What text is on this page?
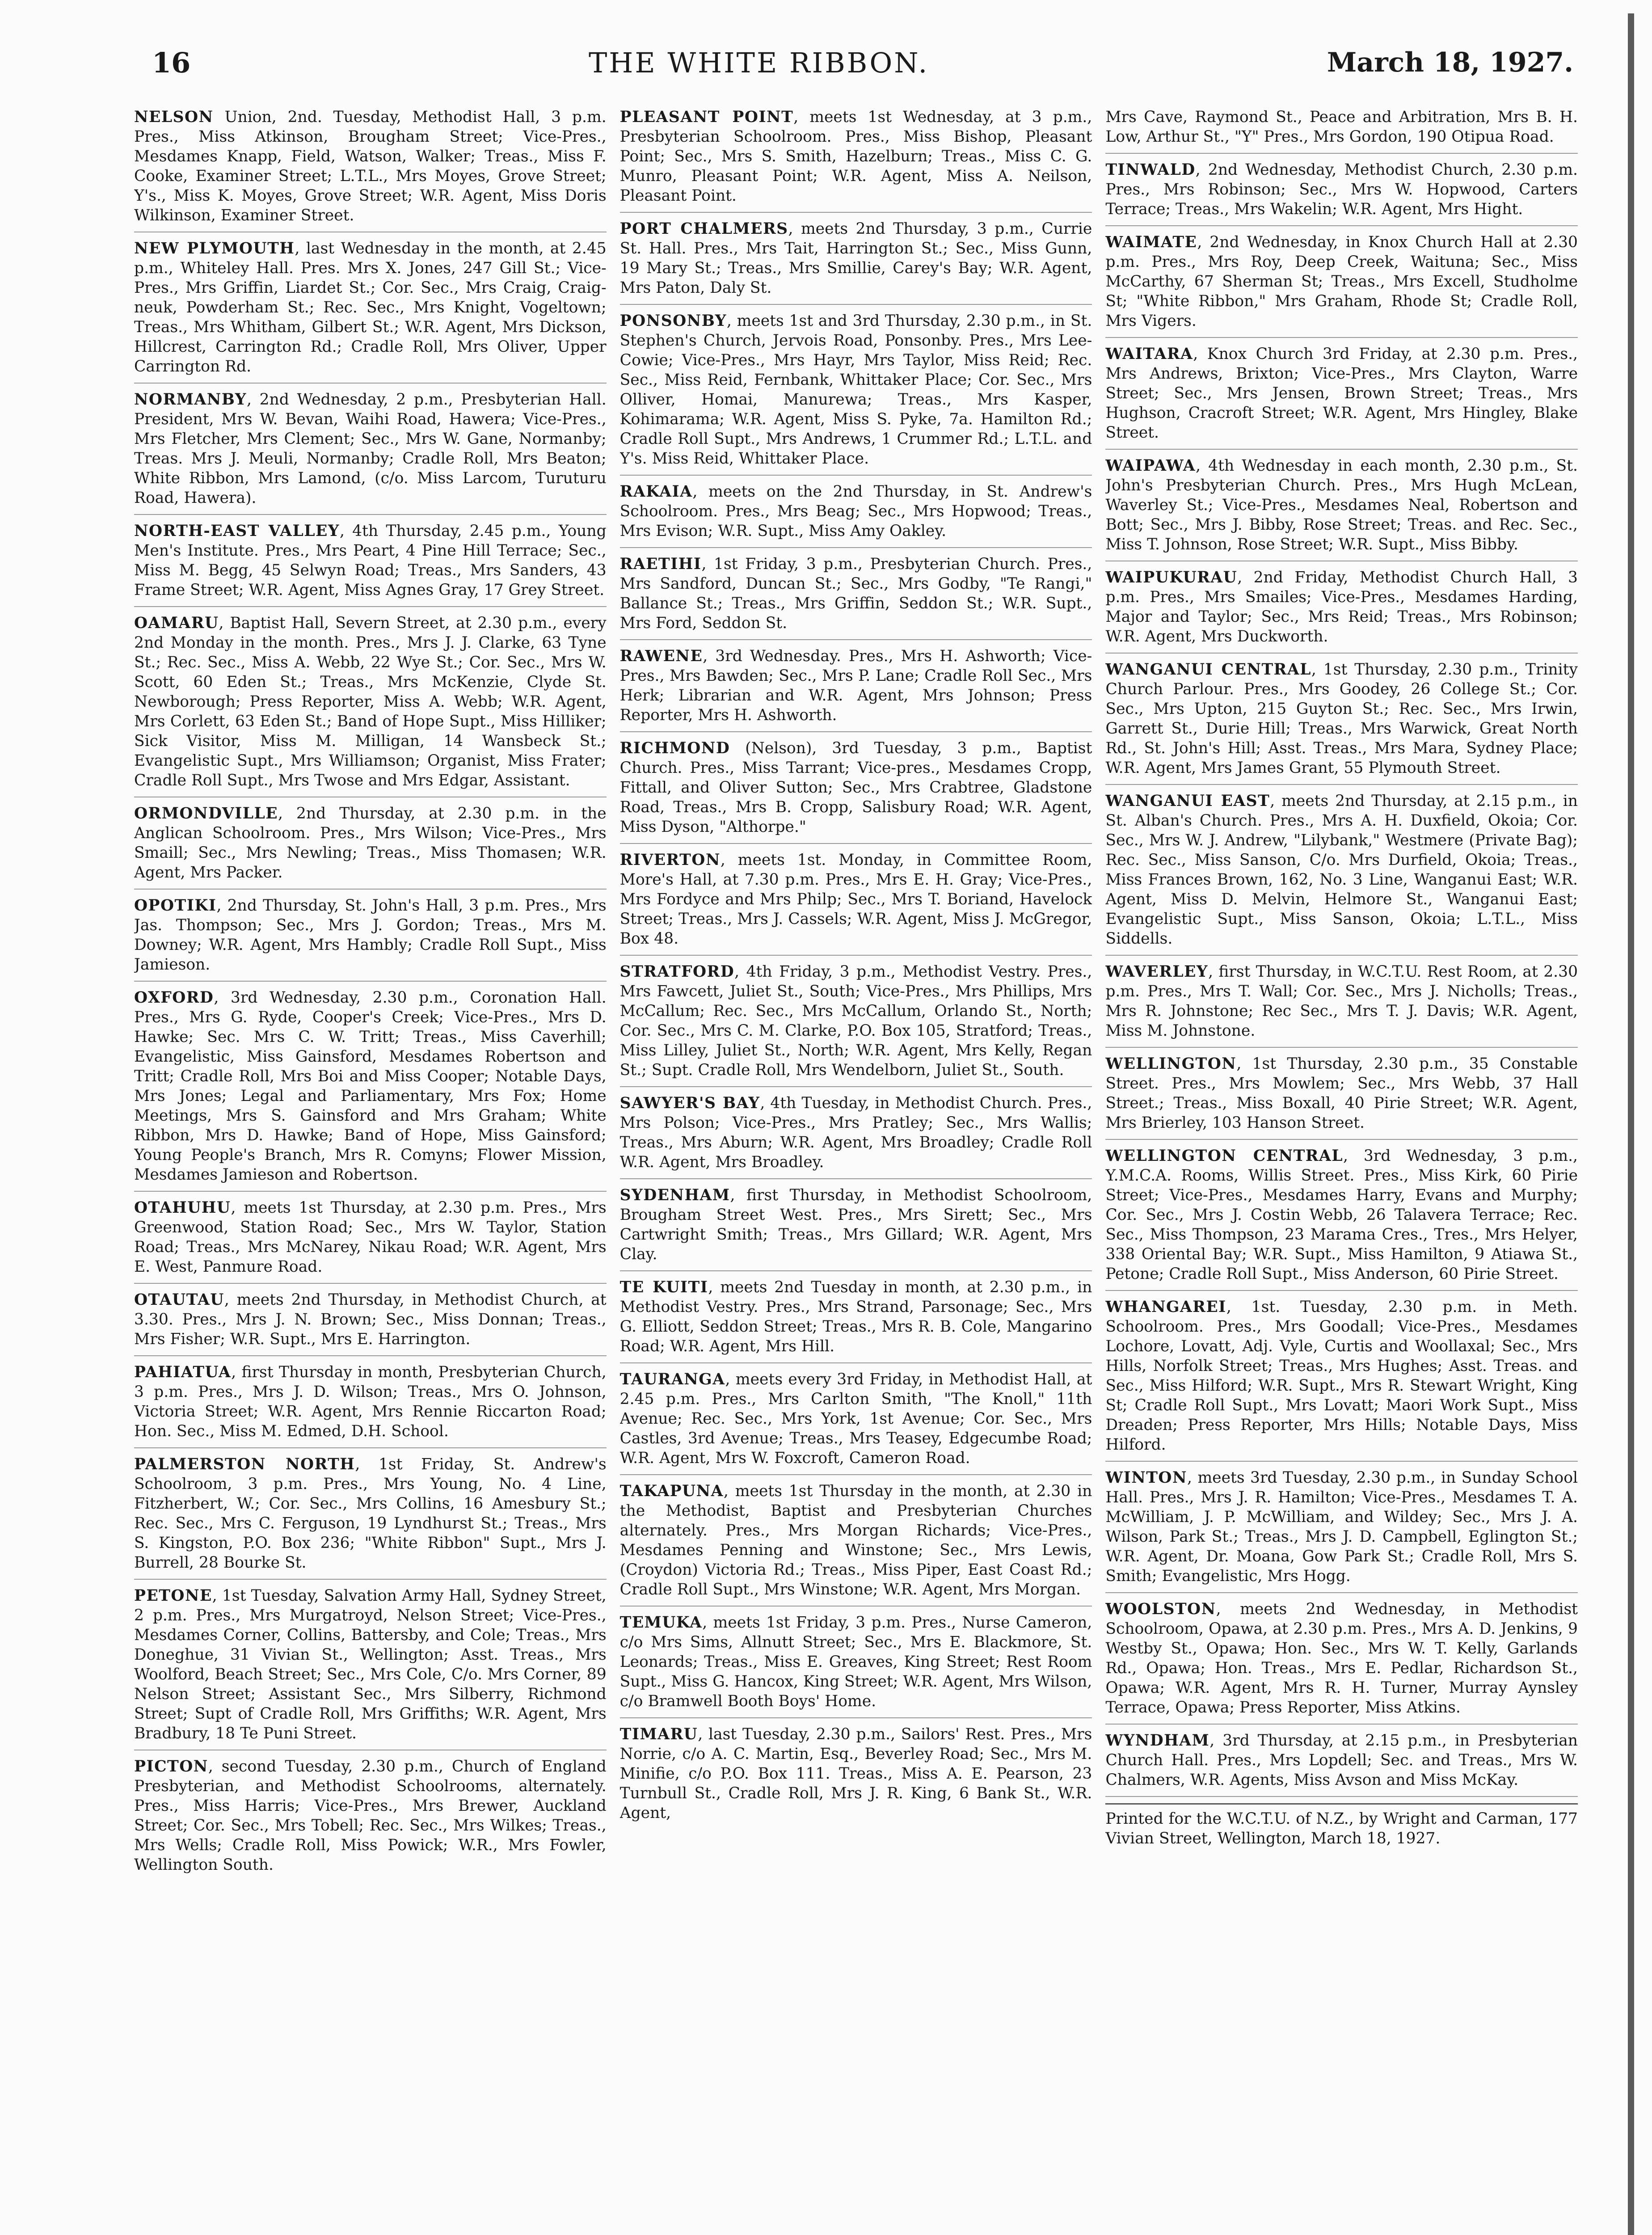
16	THE WHITE RIBBON.	March 18, 1927.
NELSON Union, 2nd. Tuesday, Methodist Hall, 3 p.m. Pres., Miss Atkinson, Brougham Street; Vice-Pres., Mesdames Knapp, Field, Watson, Walker; Treas., Miss F. Cooke, Examiner Street; L.T.L., Mrs Moyes, Grove Street; Y's., Miss K. Moyes, Grove Street; W.R. Agent, Miss Doris Wilkinson, Examiner Street.
NEW PLYMOUTH, last Wednesday in the month, at 2.45 p.m., Whiteley Hall. Pres. Mrs X. Jones, 247 Gill St.; Vice-Pres., Mrs Griffin, Liardet St.; Cor. Sec., Mrs Craig, Craig-neuk, Powderham St.; Rec. Sec., Mrs Knight, Vogeltown; Treas., Mrs Whitham, Gilbert St.; W.R. Agent, Mrs Dickson, Hillcrest, Carrington Rd.; Cradle Roll, Mrs Oliver, Upper Carrington Rd.
NORMANBY, 2nd Wednesday, 2 p.m., Presbyterian Hall. President, Mrs W. Bevan, Waihi Road, Hawera; Vice-Pres., Mrs Fletcher, Mrs Clement; Sec., Mrs W. Gane, Normanby; Treas. Mrs J. Meuli, Normanby; Cradle Roll, Mrs Beaton; White Ribbon, Mrs Lamond, (c/o. Miss Larcom, Turuturu Road, Hawera).
NORTH-EAST VALLEY, 4th Thursday, 2.45 p.m., Young Men's Institute. Pres., Mrs Peart, 4 Pine Hill Terrace; Sec., Miss M. Begg, 45 Selwyn Road; Treas., Mrs Sanders, 43 Frame Street; W.R. Agent, Miss Agnes Gray, 17 Grey Street.
OAMARU, Baptist Hall, Severn Street, at 2.30 p.m., every 2nd Monday in the month. Pres., Mrs J. J. Clarke, 63 Tyne St.; Rec. Sec., Miss A. Webb, 22 Wye St.; Cor. Sec., Mrs W. Scott, 60 Eden St.; Treas., Mrs McKenzie, Clyde St. Newborough; Press Reporter, Miss A. Webb; W.R. Agent, Mrs Corlett, 63 Eden St.; Band of Hope Supt., Miss Hilliker; Sick Visitor, Miss M. Milligan, 14 Wansbeck St.; Evangelistic Supt., Mrs Williamson; Organist, Miss Frater; Cradle Roll Supt., Mrs Twose and Mrs Edgar, Assistant.
ORMONDVILLE, 2nd Thursday, at 2.30 p.m. in the Anglican Schoolroom. Pres., Mrs Wilson; Vice-Pres., Mrs Smaill; Sec., Mrs Newling; Treas., Miss Thomasen; W.R. Agent, Mrs Packer.
OPOTIKI, 2nd Thursday, St. John's Hall, 3 p.m. Pres., Mrs Jas. Thompson; Sec., Mrs J. Gordon; Treas., Mrs M. Downey; W.R. Agent, Mrs Hambly; Cradle Roll Supt., Miss Jamieson.
OXFORD, 3rd Wednesday, 2.30 p.m., Coronation Hall. Pres., Mrs G. Ryde, Cooper's Creek; Vice-Pres., Mrs D. Hawke; Sec. Mrs C. W. Tritt; Treas., Miss Caverhill; Evangelistic, Miss Gainsford, Mesdames Robertson and Tritt; Cradle Roll, Mrs Boi and Miss Cooper; Notable Days, Mrs Jones; Legal and Parliamentary, Mrs Fox; Home Meetings, Mrs S. Gainsford and Mrs Graham; White Ribbon, Mrs D. Hawke; Band of Hope, Miss Gainsford; Young People's Branch, Mrs R. Comyns; Flower Mission, Mesdames Jamieson and Robertson.
OTAHUHU, meets 1st Thursday, at 2.30 p.m. Pres., Mrs Greenwood, Station Road; Sec., Mrs W. Taylor, Station Road; Treas., Mrs McNarey, Nikau Road; W.R. Agent, Mrs E. West, Panmure Road.
OTAUTAU, meets 2nd Thursday, in Methodist Church, at 3.30. Pres., Mrs J. N. Brown; Sec., Miss Donnan; Treas., Mrs Fisher; W.R. Supt., Mrs E. Harrington.
PAHIATUA, first Thursday in month, Presbyterian Church, 3 p.m. Pres., Mrs J. D. Wilson; Treas., Mrs O. Johnson, Victoria Street; W.R. Agent, Mrs Rennie Riccarton Road; Hon. Sec., Miss M. Edmed, D.H. School.
PALMERSTON NORTH, 1st Friday, St. Andrew's Schoolroom, 3 p.m. Pres., Mrs Young, No. 4 Line, Fitzherbert, W.; Cor. Sec., Mrs Collins, 16 Amesbury St.; Rec. Sec., Mrs C. Ferguson, 19 Lyndhurst St.; Treas., Mrs S. Kingston, P.O. Box 236; "White Ribbon" Supt., Mrs J. Burrell, 28 Bourke St.
PETONE, 1st Tuesday, Salvation Army Hall, Sydney Street, 2 p.m. Pres., Mrs Murgatroyd, Nelson Street; Vice-Pres., Mesdames Corner, Collins, Battersby, and Cole; Treas., Mrs Doneghue, 31 Vivian St., Wellington; Asst. Treas., Mrs Woolford, Beach Street; Sec., Mrs Cole, C/o. Mrs Corner, 89 Nelson Street; Assistant Sec., Mrs Silberry, Richmond Street; Supt of Cradle Roll, Mrs Griffiths; W.R. Agent, Mrs Bradbury, 18 Te Puni Street.
PICTON, second Tuesday, 2.30 p.m., Church of England Presbyterian, and Methodist Schoolrooms, alternately. Pres., Miss Harris; Vice-Pres., Mrs Brewer, Auckland Street; Cor. Sec., Mrs Tobell; Rec. Sec., Mrs Wilkes; Treas., Mrs Wells; Cradle Roll, Miss Powick; W.R., Mrs Fowler, Wellington South.
PLEASANT POINT, meets 1st Wednesday, at 3 p.m., Presbyterian Schoolroom. Pres., Miss Bishop, Pleasant Point; Sec., Mrs S. Smith, Hazelburn; Treas., Miss C. G. Munro, Pleasant Point; W.R. Agent, Miss A. Neilson, Pleasant Point.
PORT CHALMERS, meets 2nd Thursday, 3 p.m., Currie St. Hall. Pres., Mrs Tait, Harrington St.; Sec., Miss Gunn, 19 Mary St.; Treas., Mrs Smillie, Carey's Bay; W.R. Agent, Mrs Paton, Daly St.
PONSONBY, meets 1st and 3rd Thursday, 2.30 p.m., in St. Stephen's Church, Jervois Road, Ponsonby. Pres., Mrs Lee-Cowie; Vice-Pres., Mrs Hayr, Mrs Taylor, Miss Reid; Rec. Sec., Miss Reid, Fernbank, Whittaker Place; Cor. Sec., Mrs Olliver, Homai, Manurewa; Treas., Mrs Kasper, Kohimarama; W.R. Agent, Miss S. Pyke, 7a. Hamilton Rd.; Cradle Roll Supt., Mrs Andrews, 1 Crummer Rd.; L.T.L. and Y's. Miss Reid, Whittaker Place.
RAKAIA, meets on the 2nd Thursday, in St. Andrew's Schoolroom. Pres., Mrs Beag; Sec., Mrs Hopwood; Treas., Mrs Evison; W.R. Supt., Miss Amy Oakley.
RAETIHI, 1st Friday, 3 p.m., Presbyterian Church. Pres., Mrs Sandford, Duncan St.; Sec., Mrs Godby, "Te Rangi," Ballance St.; Treas., Mrs Griffin, Seddon St.; W.R. Supt., Mrs Ford, Seddon St.
RAWENE, 3rd Wednesday. Pres., Mrs H. Ashworth; Vice-Pres., Mrs Bawden; Sec., Mrs P. Lane; Cradle Roll Sec., Mrs Herk; Librarian and W.R. Agent, Mrs Johnson; Press Reporter, Mrs H. Ashworth.
RICHMOND (Nelson), 3rd Tuesday, 3 p.m., Baptist Church. Pres., Miss Tarrant; Vice-pres., Mesdames Cropp, Fittall, and Oliver Sutton; Sec., Mrs Crabtree, Gladstone Road, Treas., Mrs B. Cropp, Salisbury Road; W.R. Agent, Miss Dyson, "Althorpe."
RIVERTON, meets 1st. Monday, in Committee Room, More's Hall, at 7.30 p.m. Pres., Mrs E. H. Gray; Vice-Pres., Mrs Fordyce and Mrs Philp; Sec., Mrs T. Boriand, Havelock Street; Treas., Mrs J. Cassels; W.R. Agent, Miss J. McGregor, Box 48.
STRATFORD, 4th Friday, 3 p.m., Methodist Vestry. Pres., Mrs Fawcett, Juliet St., South; Vice-Pres., Mrs Phillips, Mrs McCallum; Rec. Sec., Mrs McCallum, Orlando St., North; Cor. Sec., Mrs C. M. Clarke, P.O. Box 105, Stratford; Treas., Miss Lilley, Juliet St., North; W.R. Agent, Mrs Kelly, Regan St.; Supt. Cradle Roll, Mrs Wendelborn, Juliet St., South.
SAWYER'S BAY, 4th Tuesday, in Methodist Church. Pres., Mrs Polson; Vice-Pres., Mrs Pratley; Sec., Mrs Wallis; Treas., Mrs Aburn; W.R. Agent, Mrs Broadley; Cradle Roll W.R. Agent, Mrs Broadley.
SYDENHAM, first Thursday, in Methodist Schoolroom, Brougham Street West. Pres., Mrs Sirett; Sec., Mrs Cartwright Smith; Treas., Mrs Gillard; W.R. Agent, Mrs Clay.
TE KUITI, meets 2nd Tuesday in month, at 2.30 p.m., in Methodist Vestry. Pres., Mrs Strand, Parsonage; Sec., Mrs G. Elliott, Seddon Street; Treas., Mrs R. B. Cole, Mangarino Road; W.R. Agent, Mrs Hill.
TAURANGA, meets every 3rd Friday, in Methodist Hall, at 2.45 p.m. Pres., Mrs Carlton Smith, "The Knoll," 11th Avenue; Rec. Sec., Mrs York, 1st Avenue; Cor. Sec., Mrs Castles, 3rd Avenue; Treas., Mrs Teasey, Edgecumbe Road; W.R. Agent, Mrs W. Foxcroft, Cameron Road.
TAKAPUNA, meets 1st Thursday in the month, at 2.30 in the Methodist, Baptist and Presbyterian Churches alternately. Pres., Mrs Morgan Richards; Vice-Pres., Mesdames Penning and Winstone; Sec., Mrs Lewis, (Croydon) Victoria Rd.; Treas., Miss Piper, East Coast Rd.; Cradle Roll Supt., Mrs Winstone; W.R. Agent, Mrs Morgan.
TEMUKA, meets 1st Friday, 3 p.m. Pres., Nurse Cameron, c/o Mrs Sims, Allnutt Street; Sec., Mrs E. Blackmore, St. Leonards; Treas., Miss E. Greaves, King Street; Rest Room Supt., Miss G. Hancox, King Street; W.R. Agent, Mrs Wilson, c/o Bramwell Booth Boys' Home.
TIMARU, last Tuesday, 2.30 p.m., Sailors' Rest. Pres., Mrs Norrie, c/o A. C. Martin, Esq., Beverley Road; Sec., Mrs M. Minifie, c/o P.O. Box 111. Treas., Miss A. E. Pearson, 23 Turnbull St., Cradle Roll, Mrs J. R. King, 6 Bank St., W.R. Agent,
Mrs Cave, Raymond St., Peace and Arbitration, Mrs B. H. Low, Arthur St., "Y" Pres., Mrs Gordon, 190 Otipua Road.
TINWALD, 2nd Wednesday, Methodist Church, 2.30 p.m. Pres., Mrs Robinson; Sec., Mrs W. Hopwood, Carters Terrace; Treas., Mrs Wakelin; W.R. Agent, Mrs Hight.
WAIMATE, 2nd Wednesday, in Knox Church Hall at 2.30 p.m. Pres., Mrs Roy, Deep Creek, Waituna; Sec., Miss McCarthy, 67 Sherman St; Treas., Mrs Excell, Studholme St; "White Ribbon," Mrs Graham, Rhode St; Cradle Roll, Mrs Vigers.
WAITARA, Knox Church 3rd Friday, at 2.30 p.m. Pres., Mrs Andrews, Brixton; Vice-Pres., Mrs Clayton, Warre Street; Sec., Mrs Jensen, Brown Street; Treas., Mrs Hughson, Cracroft Street; W.R. Agent, Mrs Hingley, Blake Street.
WAIPAWA, 4th Wednesday in each month, 2.30 p.m., St. John's Presbyterian Church. Pres., Mrs Hugh McLean, Waverley St.; Vice-Pres., Mesdames Neal, Robertson and Bott; Sec., Mrs J. Bibby, Rose Street; Treas. and Rec. Sec., Miss T. Johnson, Rose Street; W.R. Supt., Miss Bibby.
WAIPUKURAU, 2nd Friday, Methodist Church Hall, 3 p.m. Pres., Mrs Smailes; Vice-Pres., Mesdames Harding, Major and Taylor; Sec., Mrs Reid; Treas., Mrs Robinson; W.R. Agent, Mrs Duckworth.
WANGANUI CENTRAL, 1st Thursday, 2.30 p.m., Trinity Church Parlour. Pres., Mrs Goodey, 26 College St.; Cor. Sec., Mrs Upton, 215 Guyton St.; Rec. Sec., Mrs Irwin, Garrett St., Durie Hill; Treas., Mrs Warwick, Great North Rd., St. John's Hill; Asst. Treas., Mrs Mara, Sydney Place; W.R. Agent, Mrs James Grant, 55 Plymouth Street.
WANGANUI EAST, meets 2nd Thursday, at 2.15 p.m., in St. Alban's Church. Pres., Mrs A. H. Duxfield, Okoia; Cor. Sec., Mrs W. J. Andrew, "Lilybank," Westmere (Private Bag); Rec. Sec., Miss Sanson, C/o. Mrs Durfield, Okoia; Treas., Miss Frances Brown, 162, No. 3 Line, Wanganui East; W.R. Agent, Miss D. Melvin, Helmore St., Wanganui East; Evangelistic Supt., Miss Sanson, Okoia; L.T.L., Miss Siddells.
WAVERLEY, first Thursday, in W.C.T.U. Rest Room, at 2.30 p.m. Pres., Mrs T. Wall; Cor. Sec., Mrs J. Nicholls; Treas., Mrs R. Johnstone; Rec Sec., Mrs T. J. Davis; W.R. Agent, Miss M. Johnstone.
WELLINGTON, 1st Thursday, 2.30 p.m., 35 Constable Street. Pres., Mrs Mowlem; Sec., Mrs Webb, 37 Hall Street.; Treas., Miss Boxall, 40 Pirie Street; W.R. Agent, Mrs Brierley, 103 Hanson Street.
WELLINGTON CENTRAL, 3rd Wednesday, 3 p.m., Y.M.C.A. Rooms, Willis Street. Pres., Miss Kirk, 60 Pirie Street; Vice-Pres., Mesdames Harry, Evans and Murphy; Cor. Sec., Mrs J. Costin Webb, 26 Talavera Terrace; Rec. Sec., Miss Thompson, 23 Marama Cres., Tres., Mrs Helyer, 338 Oriental Bay; W.R. Supt., Miss Hamilton, 9 Atiawa St., Petone; Cradle Roll Supt., Miss Anderson, 60 Pirie Street.
WHANGAREI, 1st. Tuesday, 2.30 p.m. in Meth. Schoolroom. Pres., Mrs Goodall; Vice-Pres., Mesdames Lochore, Lovatt, Adj. Vyle, Curtis and Woollaxal; Sec., Mrs Hills, Norfolk Street; Treas., Mrs Hughes; Asst. Treas. and Sec., Miss Hilford; W.R. Supt., Mrs R. Stewart Wright, King St; Cradle Roll Supt., Mrs Lovatt; Maori Work Supt., Miss Dreaden; Press Reporter, Mrs Hills; Notable Days, Miss Hilford.
WINTON, meets 3rd Tuesday, 2.30 p.m., in Sunday School Hall. Pres., Mrs J. R. Hamilton; Vice-Pres., Mesdames T. A. McWilliam, J. P. McWilliam, and Wildey; Sec., Mrs J. A. Wilson, Park St.; Treas., Mrs J. D. Campbell, Eglington St.; W.R. Agent, Dr. Moana, Gow Park St.; Cradle Roll, Mrs S. Smith; Evangelistic, Mrs Hogg.
WOOLSTON, meets 2nd Wednesday, in Methodist Schoolroom, Opawa, at 2.30 p.m. Pres., Mrs A. D. Jenkins, 9 Westby St., Opawa; Hon. Sec., Mrs W. T. Kelly, Garlands Rd., Opawa; Hon. Treas., Mrs E. Pedlar, Richardson St., Opawa; W.R. Agent, Mrs R. H. Turner, Murray Aynsley Terrace, Opawa; Press Reporter, Miss Atkins.
WYNDHAM, 3rd Thursday, at 2.15 p.m., in Presbyterian Church Hall. Pres., Mrs Lopdell; Sec. and Treas., Mrs W. Chalmers, W.R. Agents, Miss Avson and Miss McKay.
Printed for the W.C.T.U. of N.Z., by Wright and Carman, 177 Vivian Street, Wellington, March 18, 1927.
